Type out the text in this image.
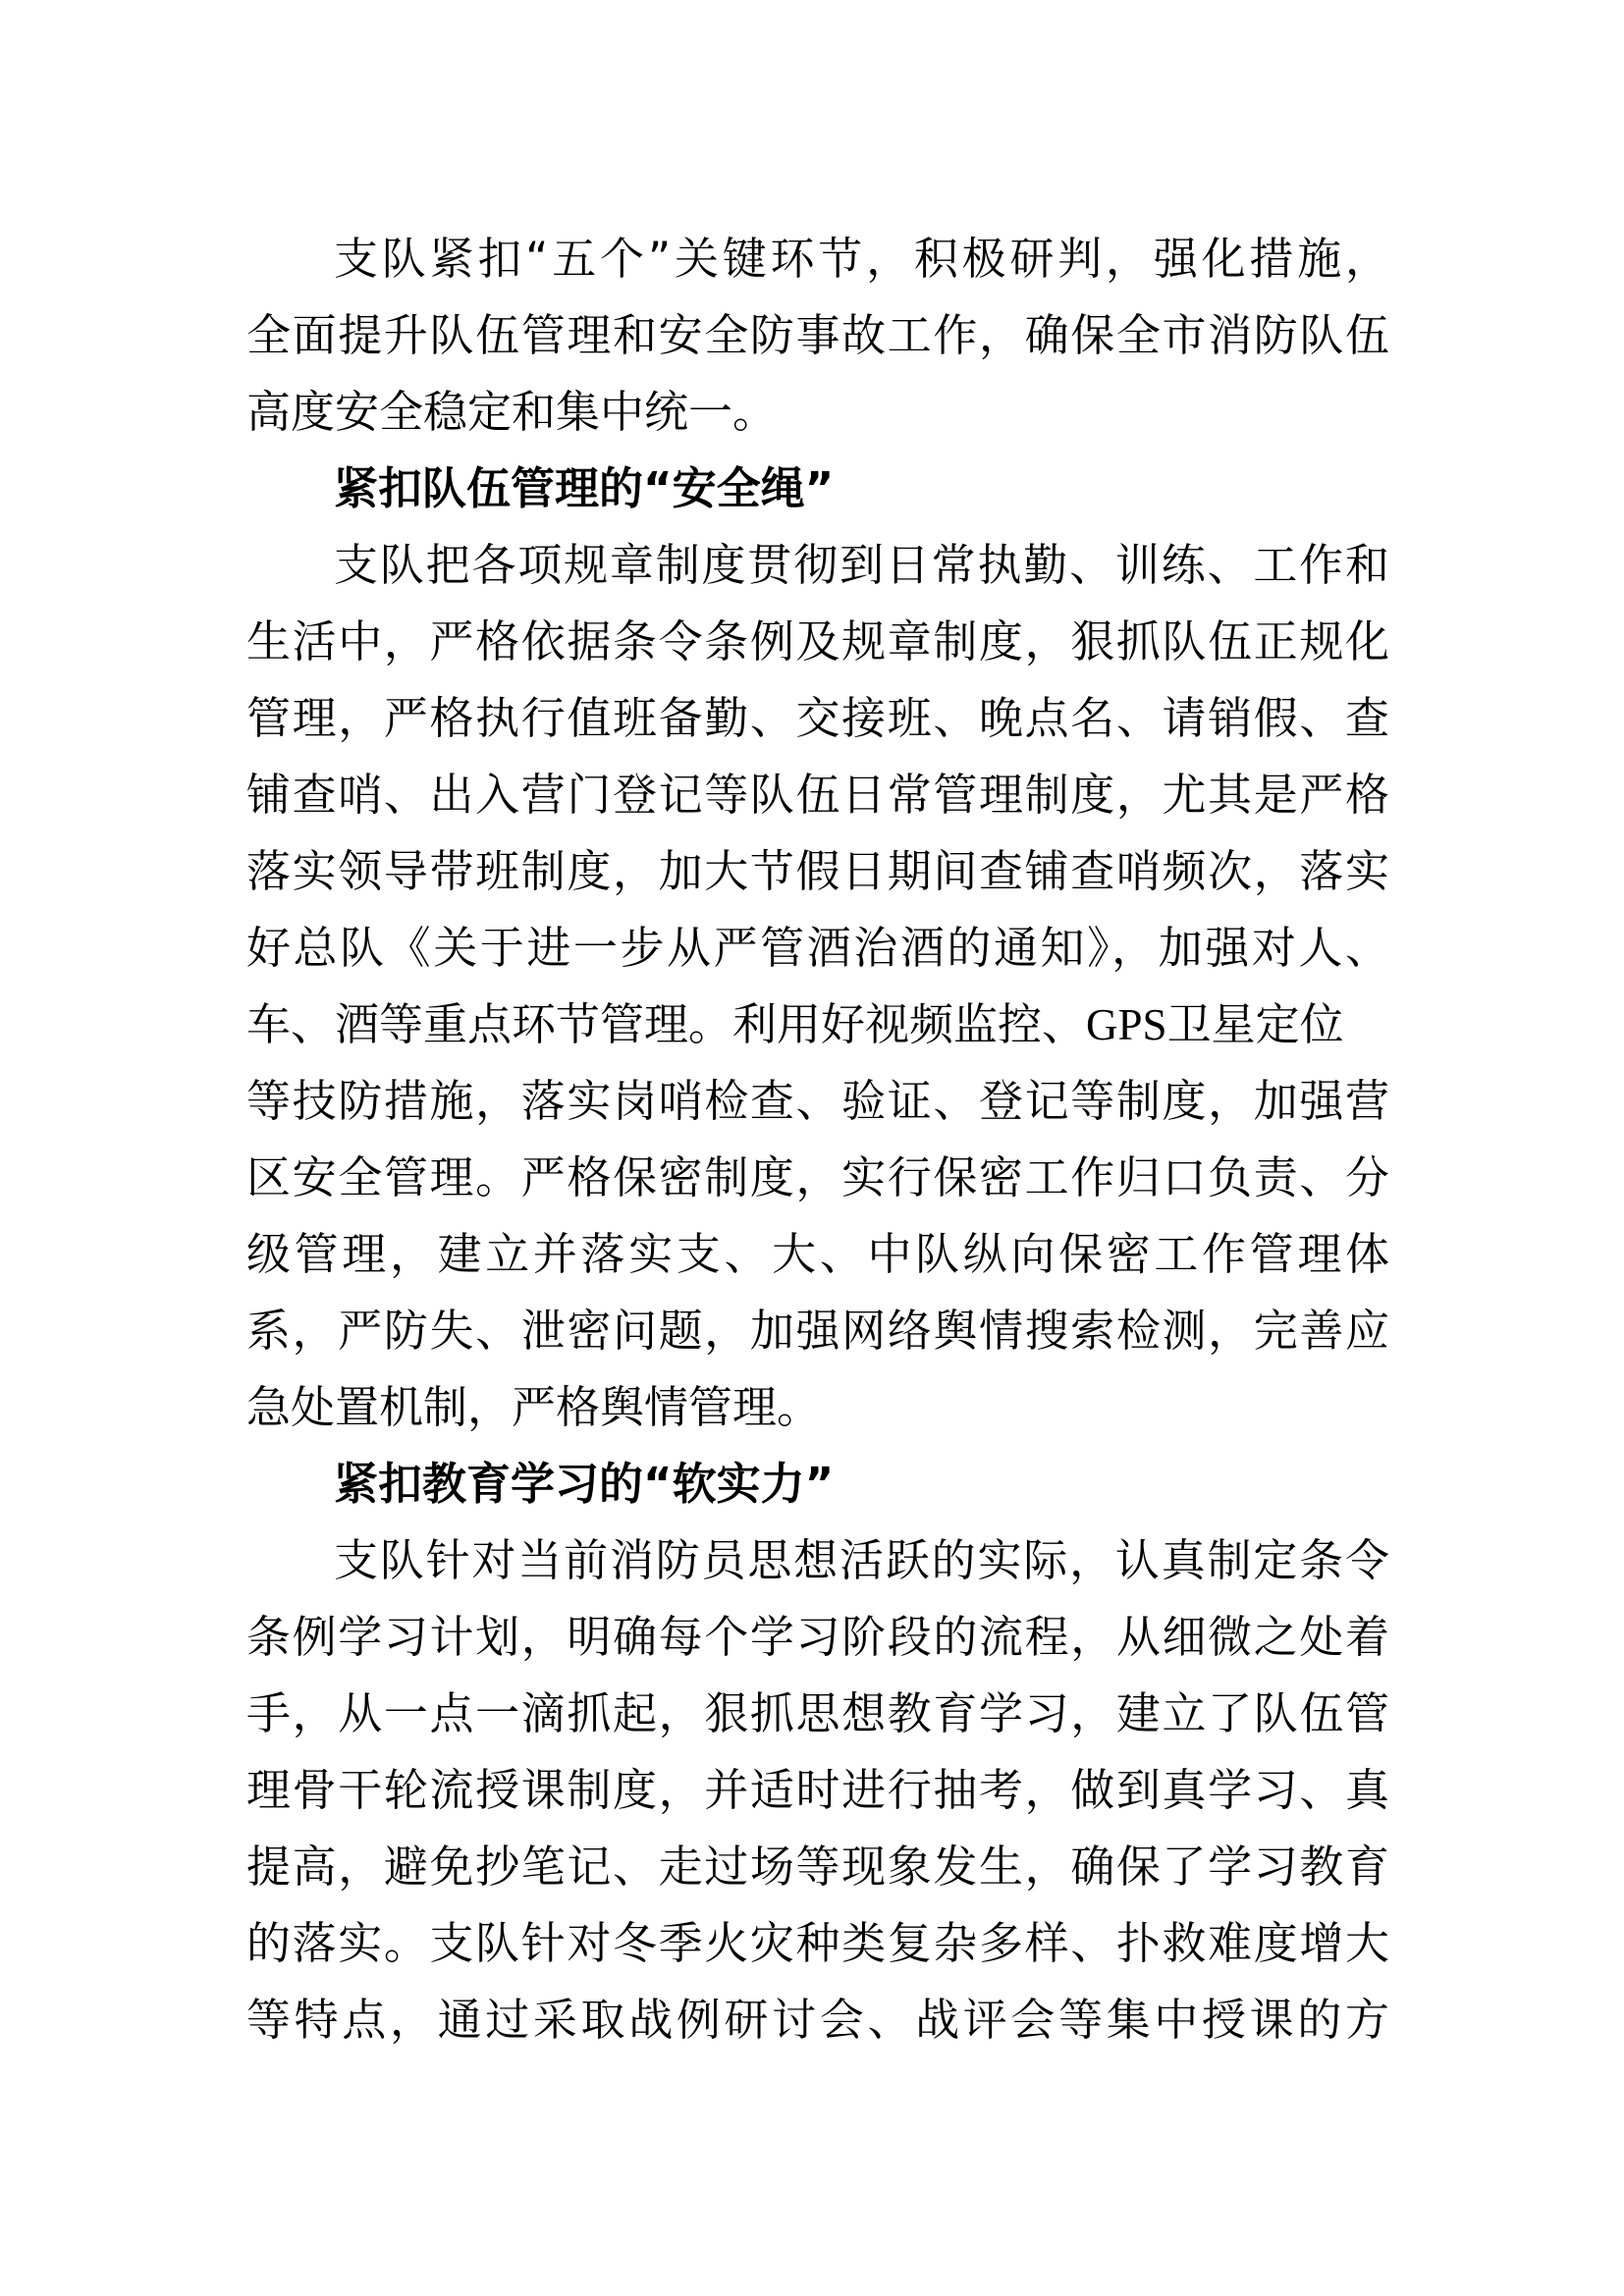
支队紧扣“五个”关键环节，积极研判，强化措施，
全面提升队伍管理和安全防事故工作，确保全市消防队伍
高度安全稳定和集中统一。
紧扣队伍管理的“安全绳”
支队把各项规章制度贯彻到日常执勤、训练、工作和
生活中，严格依据条令条例及规章制度，狠抓队伍正规化
管理，严格执行值班备勤、交接班、晚点名、请销假、查
铺查哨、出入营门登记等队伍日常管理制度，尤其是严格
落实领导带班制度，加大节假日期间查铺查哨频次，落实
好总队《关于进一步从严管酒治酒的通知》，加强对人、
车、酒等重点环节管理。利用好视频监控、GPS卫星定位
等技防措施，落实岗哨检查、验证、登记等制度，加强营
区安全管理。严格保密制度，实行保密工作归口负责、分
级管理，建立并落实支、大、中队纵向保密工作管理体
系，严防失、泄密问题，加强网络舆情搜索检测，完善应
急处置机制，严格舆情管理。
紧扣教育学习的“软实力”
支队针对当前消防员思想活跃的实际，认真制定条令
条例学习计划，明确每个学习阶段的流程，从细微之处着
手，从一点一滴抓起，狠抓思想教育学习，建立了队伍管
理骨干轮流授课制度，并适时进行抽考，做到真学习、真
提高，避免抄笔记、走过场等现象发生，确保了学习教育
的落实。支队针对冬季火灾种类复杂多样、扑救难度增大
等特点，通过采取战例研讨会、战评会等集中授课的方
